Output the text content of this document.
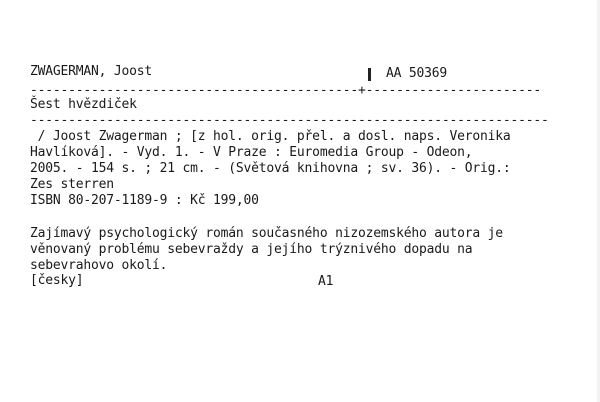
ZWAGERMAN, Joost	AA 50369
-------------------------------------------+-----------------------
Šest hvězdiček
--------------------------------------------------------------------
/ Joost Zwagerman ; [z hol. orig. přel. a dosl. naps. Veronika
Havlíková]. - Vyd. 1. - V Praze : Euromedia Group - Odeon,
2005. - 154 s. ; 21 cm. - (Světová knihovna ; sv. 36). - Orig.:
Zes sterren
ISBN 80-207-1189-9 : Kč 199,00
Zajímavý psychologický román současného nizozemského autora je
věnovaný problému sebevraždy a jejího trýznivého dopadu na
sebevrahovo okolí.
[česky]	A1
